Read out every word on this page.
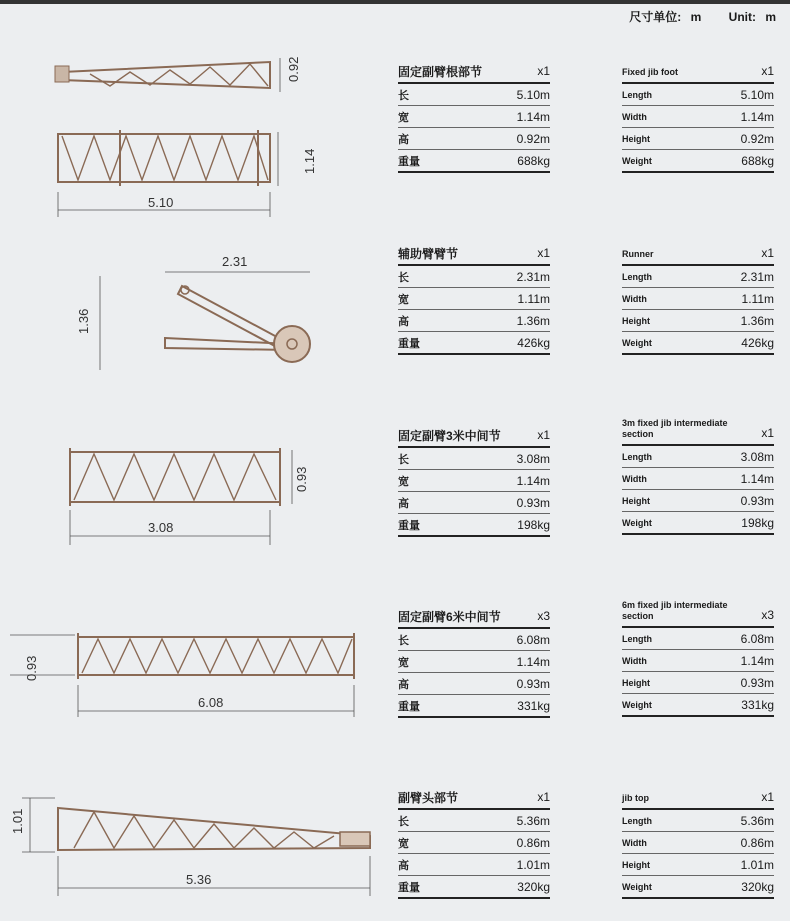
尺寸单位: m Unit: m
0.92
1.14
5.10
2.31
1.36
0.93
3.08
0.93
6.08
1.01
5.36
固定副臂根部节	x1
长	5.10m
宽	1.14m
高	0.92m
重量	688kg
辅助臂臂节	x1
长	2.31m
宽	1.11m
高	1.36m
重量	426kg
固定副臂3米中间节	x1
长	3.08m
宽	1.14m
高	0.93m
重量	198kg
固定副臂6米中间节	x3
长	6.08m
宽	1.14m
高	0.93m
重量	331kg
副臂头部节	x1
长	5.36m
宽	0.86m
高	1.01m
重量	320kg
Fixed jib foot	x1
Length	5.10m
Width	1.14m
Height	0.92m
Weight	688kg
Runner	x1
Length	2.31m
Width	1.11m
Height	1.36m
Weight	426kg
3m fixed jib intermediate section	x1
Length	3.08m
Width	1.14m
Height	0.93m
Weight	198kg
6m fixed jib intermediate section	x3
Length	6.08m
Width	1.14m
Height	0.93m
Weight	331kg
jib top	x1
Length	5.36m
Width	0.86m
Height	1.01m
Weight	320kg
